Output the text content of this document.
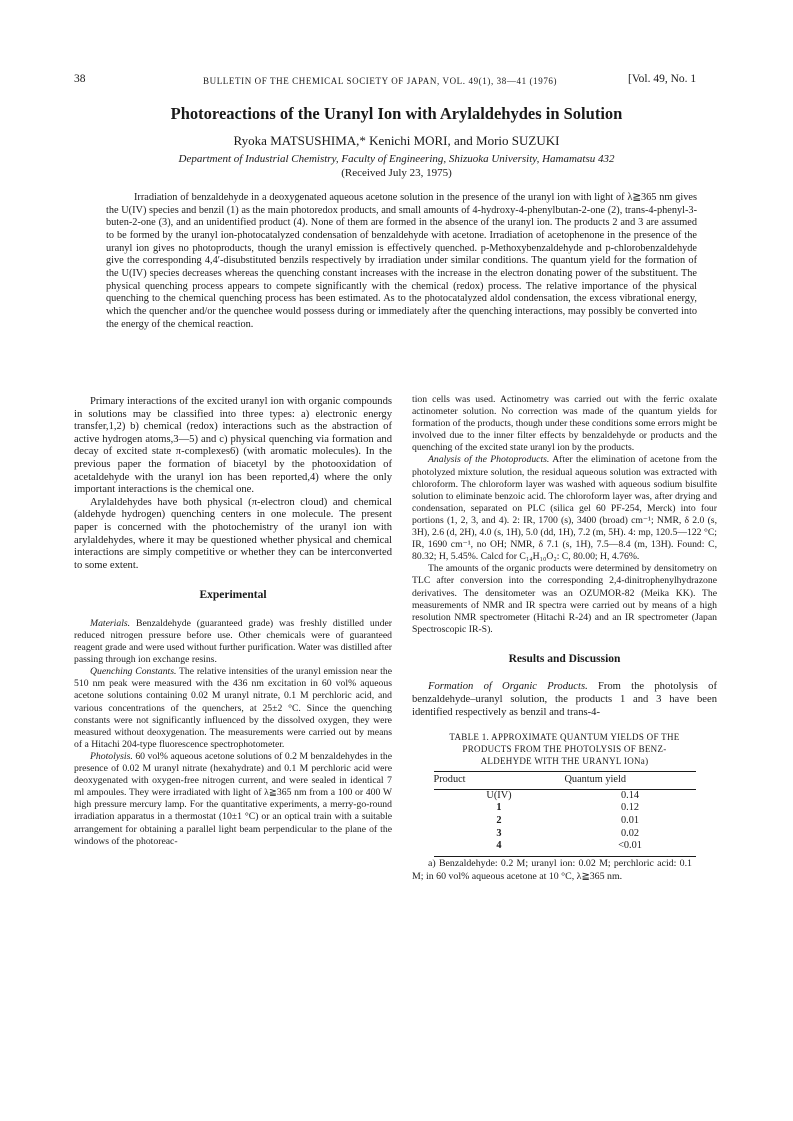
38	BULLETIN OF THE CHEMICAL SOCIETY OF JAPAN, VOL. 49(1), 38—41 (1976)	[Vol. 49, No. 1
Photoreactions of the Uranyl Ion with Arylaldehydes in Solution
Ryoka MATSUSHIMA,* Kenichi MORI, and Morio SUZUKI
Department of Industrial Chemistry, Faculty of Engineering, Shizuoka University, Hamamatsu 432
(Received July 23, 1975)

Irradiation of benzaldehyde in a deoxygenated aqueous acetone solution in the presence of the uranyl ion with light of λ≧365 nm gives the U(IV) species and benzil (1) as the main photoredox products, and small amounts of 4-hydroxy-4-phenylbutan-2-one (2), trans-4-phenyl-3-buten-2-one (3), and an unidentified product (4). None of them are formed in the absence of the uranyl ion. The products 2 and 3 are assumed to be formed by the uranyl ion-photocatalyzed condensation of benzaldehyde with acetone. Irradiation of acetophenone in the presence of the uranyl ion gives no photoproducts, though the uranyl emission is effectively quenched. p-Methoxybenzaldehyde and p-chlorobenzaldehyde give the corresponding 4,4′-disubstituted benzils respectively by irradiation under similar conditions. The quantum yield for the formation of the U(IV) species decreases whereas the quenching constant increases with the increase in the electron donating power of the substituent. The physical quenching process appears to compete significantly with the chemical (redox) process. The relative importance of the physical quenching to the chemical quenching process has been estimated. As to the photocatalyzed aldol condensation, the excess vibrational energy, which the quencher and/or the quenchee would possess during or immediately after the quenching interactions, may possibly be converted into the energy of the chemical reaction.

Primary interactions of the excited uranyl ion with organic compounds in solutions may be classified into three types: a) electronic energy transfer,1,2) b) chemical (redox) interactions such as the abstraction of active hydrogen atoms,3—5) and c) physical quenching via formation and decay of excited state π-complexes6) (with aromatic molecules). In the previous paper the formation of biacetyl by the photooxidation of acetaldehyde with the uranyl ion has been reported,4) where the only important interactions is the chemical one.

Arylaldehydes have both physical (π-electron cloud) and chemical (aldehyde hydrogen) quenching centers in one molecule. The present paper is concerned with the photochemistry of the uranyl ion with arylaldehydes, where it may be questioned whether physical and chemical interactions are simply competitive or whether they can be interconverted to some extent.

Experimental

Materials. Benzaldehyde (guaranteed grade) was freshly distilled under reduced nitrogen pressure before use. Other chemicals were of guaranteed reagent grade and were used without further purification. Water was distilled after passing through ion exchange resins.

Quenching Constants. The relative intensities of the uranyl emission near the 510 nm peak were measured with the 436 nm excitation in 60 vol% aqueous acetone solutions containing 0.02 M uranyl nitrate, 0.1 M perchloric acid, and various concentrations of the quenchers, at 25±2 °C. Since the quenching constants were not significantly influenced by the dissolved oxygen, they were measured without deoxygenation. The measurements were carried out by means of a Hitachi 204-type fluorescence spectrophotometer.

Photolysis. 60 vol% aqueous acetone solutions of 0.2 M benzaldehydes in the presence of 0.02 M uranyl nitrate (hexahydrate) and 0.1 M perchloric acid were deoxygenated with oxygen-free nitrogen current, and were sealed in identical 7 ml ampoules. They were irradiated with light of λ≧365 nm from a 100 or 400 W high pressure mercury lamp. For the quantitative experiments, a merry-go-round irradiation apparatus in a thermostat (10±1 °C) or an optical train with a suitable arrangement for obtaining a parallel light beam perpendicular to the plane of the windows of the photoreac-

tion cells was used. Actinometry was carried out with the ferric oxalate actinometer solution. No correction was made of the quantum yields for formation of the products, though under these conditions some errors might be involved due to the inner filter effects by benzaldehyde or products and the quenching of the excited state uranyl ion by the products.

Analysis of the Photoproducts. After the elimination of acetone from the photolyzed mixture solution, the residual aqueous solution was extracted with chloroform. The chloroform layer was washed with aqueous sodium bisulfite solution to eliminate benzoic acid. The chloroform layer was, after drying and condensation, separated on PLC (silica gel 60 PF-254, Merck) into four portions (1, 2, 3, and 4). 2: IR, 1700 (s), 3400 (broad) cm⁻¹; NMR, δ 2.0 (s, 3H), 2.6 (d, 2H), 4.0 (s, 1H), 5.0 (dd, 1H), 7.2 (m, 5H). 4: mp, 120.5—122 °C; IR, 1690 cm⁻¹, no OH; NMR, δ 7.1 (s, 1H), 7.5—8.4 (m, 13H). Found: C, 80.32; H, 5.45%. Calcd for C₁₄H₁₀O₂: C, 80.00; H, 4.76%.

The amounts of the organic products were determined by densitometry on TLC after conversion into the corresponding 2,4-dinitrophenylhydrazone derivatives. The densitometer was an OZUMOR-82 (Meika KK). The measurements of NMR and IR spectra were carried out by means of a high resolution NMR spectrometer (Hitachi R-24) and an IR spectrometer (Japan Spectroscopic IR-S).

Results and Discussion

Formation of Organic Products. From the photolysis of benzaldehyde–uranyl solution, the products 1 and 3 have been identified respectively as benzil and trans-4-

TABLE 1. APPROXIMATE QUANTUM YIELDS OF THE
PRODUCTS FROM THE PHOTOLYSIS OF BENZ-
ALDEHYDE WITH THE URANYL IONa)
Product	Quantum yield
U(IV)	0.14
1	0.12
2	0.01
3	0.02
4	<0.01

a) Benzaldehyde: 0.2 M; uranyl ion: 0.02 M; perchloric acid: 0.1 M; in 60 vol% aqueous acetone at 10 °C, λ≧365 nm.
